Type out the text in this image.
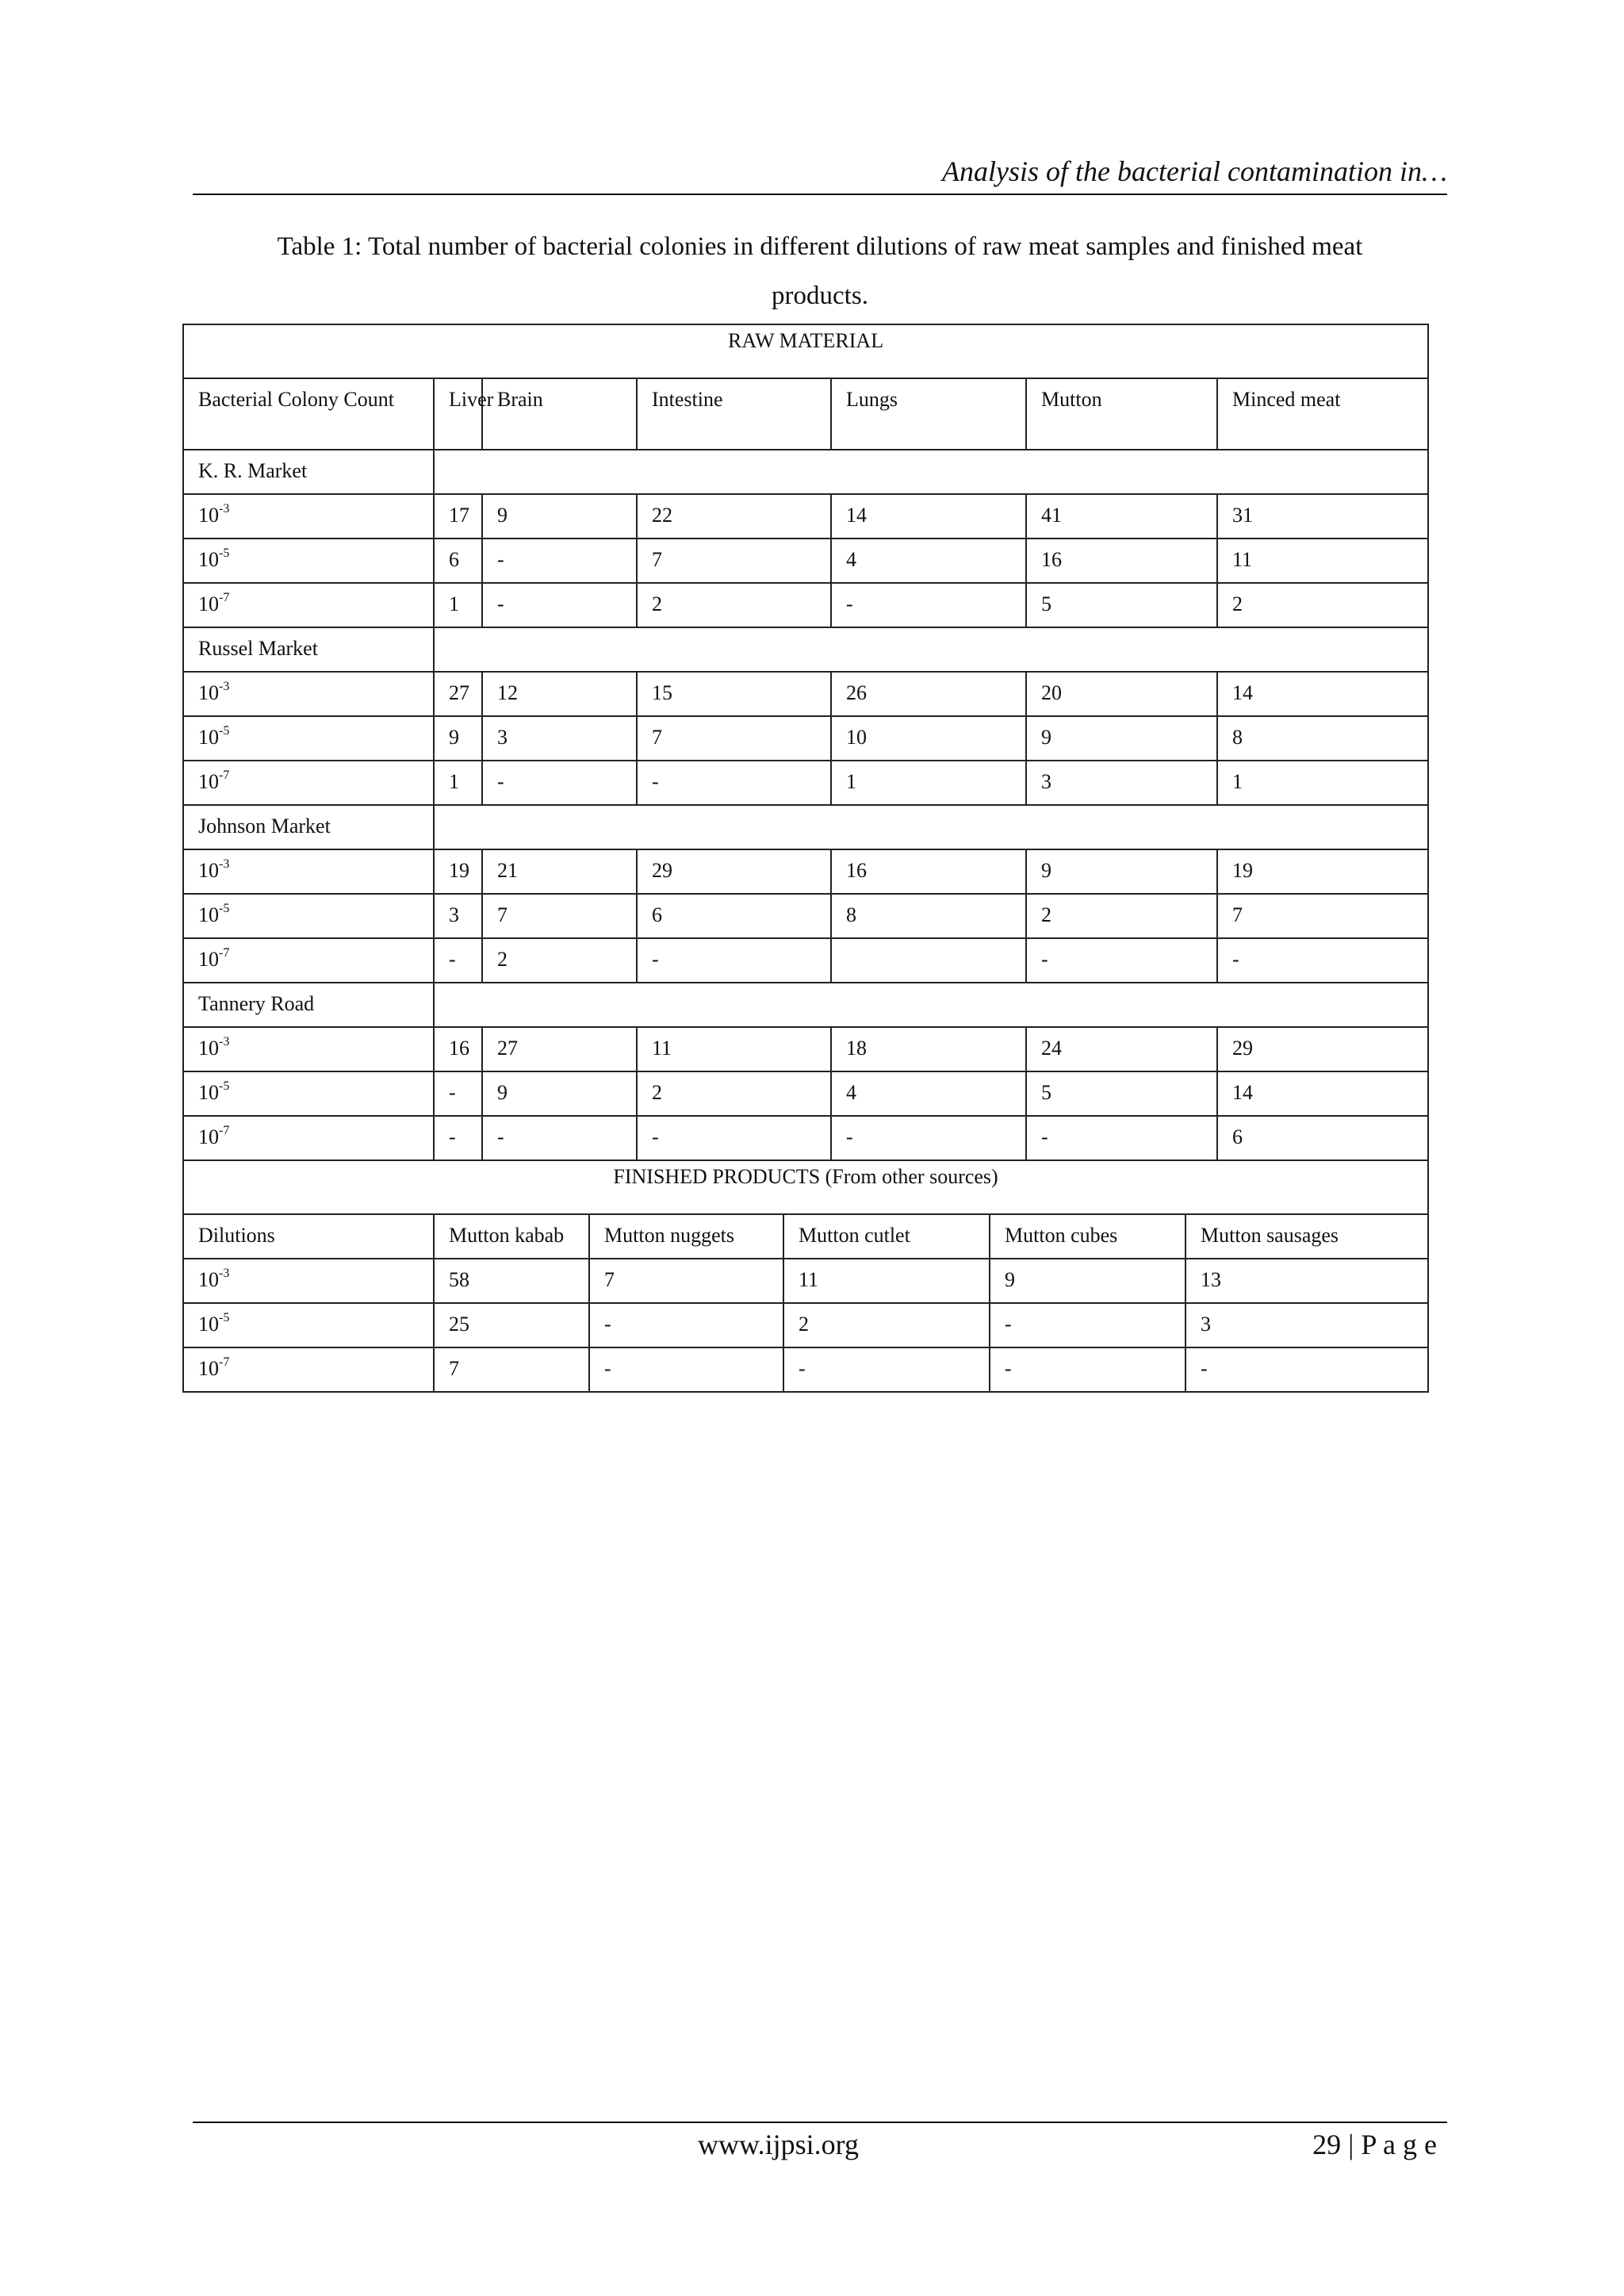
Analysis of the bacterial contamination in…
Table 1: Total number of bacterial colonies in different dilutions of raw meat samples and finished meat products.
RAW MATERIAL										
Bacterial Colony Count	Liver	Brain		Intestine		Lungs		Mutton		Minced meat
K. R. Market										
$10^{-3}$	17	9		22		14		41		31
$10^{-5}$	6	-		7		4		16		11
$10^{-7}$	1	-		2		-		5		2
Russel Market										
$10^{-3}$	27	12		15		26		20		14
$10^{-5}$	9	3		7		10		9		8
$10^{-7}$	1	-		-		1		3		1
Johnson Market										
$10^{-3}$	19	21		29		16		9		19
$10^{-5}$	3	7		6		8		2		7
$10^{-7}$	-	2		-				-		-
Tannery Road										
$10^{-3}$	16	27		11		18		24		29
$10^{-5}$	-	9		2		4		5		14
$10^{-7}$	-	-		-		-		-		6
FINISHED PRODUCTS (From other sources)										
Dilutions	Mutton kabab		Mutton nuggets		Mutton cutlet		Mutton cubes		Mutton sausages	
$10^{-3}$	58		7		11		9		13	
$10^{-5}$	25		-		2		-		3	
$10^{-7}$	7		-		-		-		-	
www.ijpsi.org	29 | P a g e
